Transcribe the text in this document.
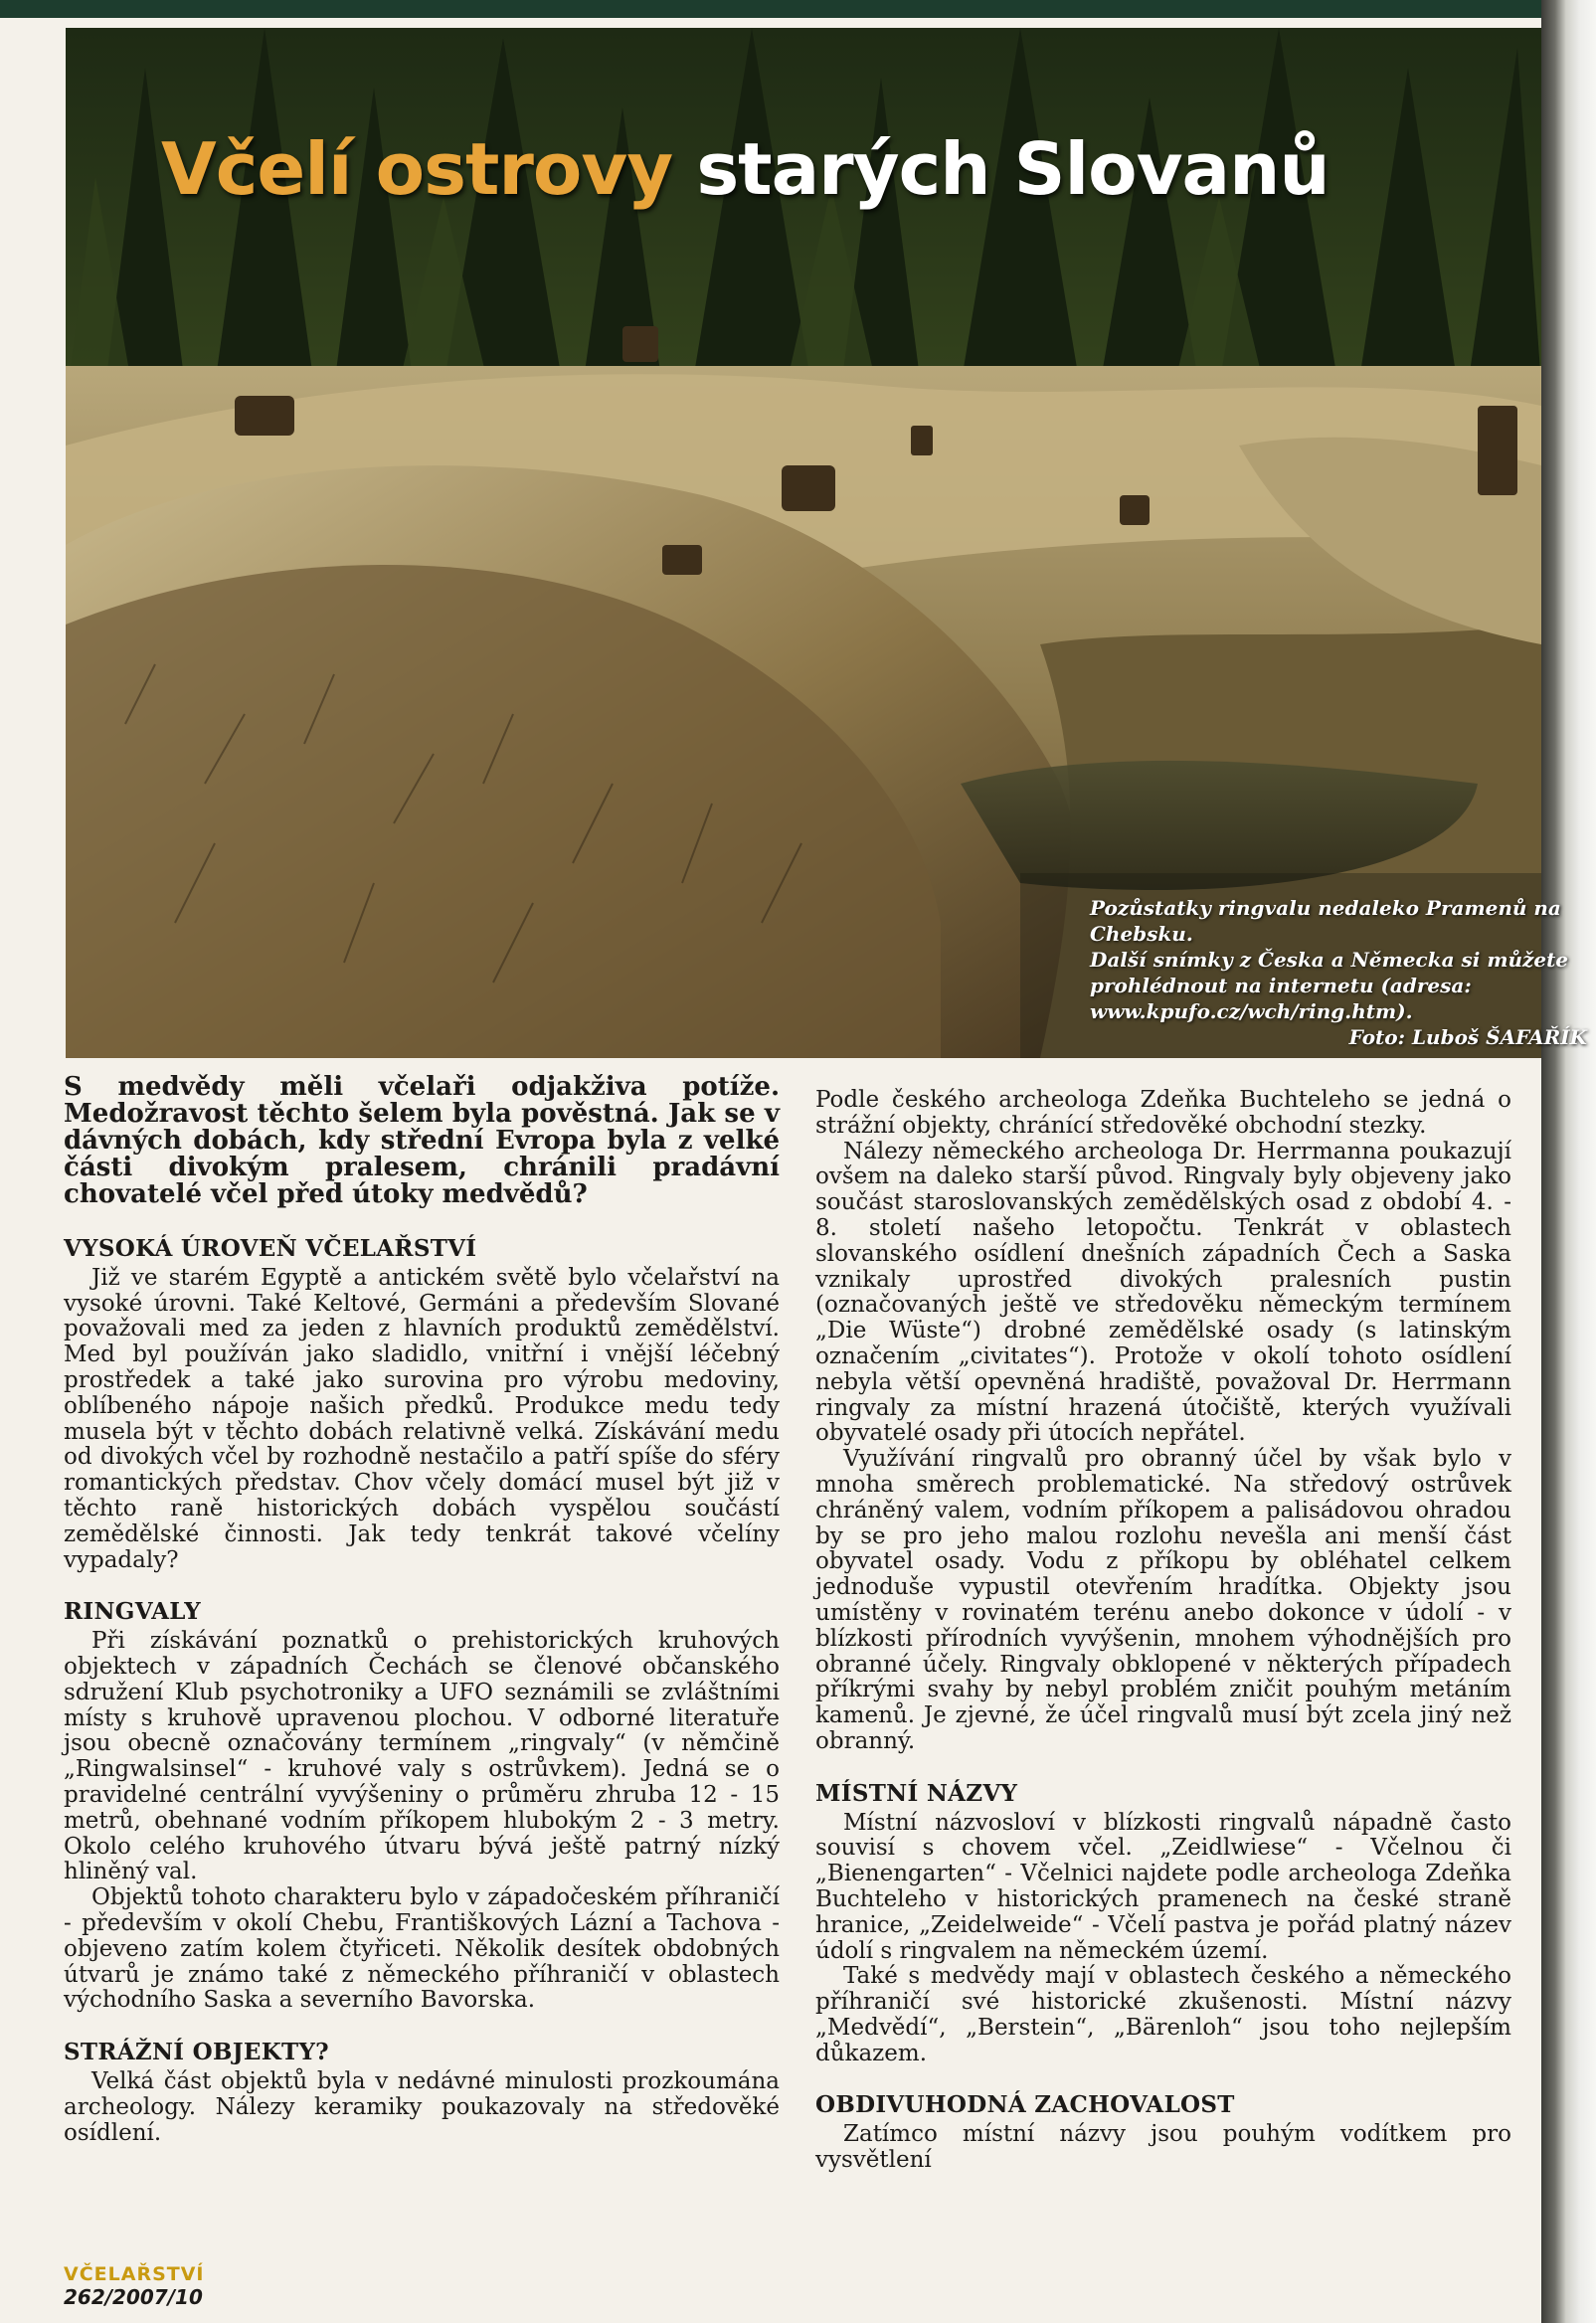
Včelí ostrovy starých Slovanů

Pozůstatky ringvalu nedaleko Pramenů na Chebsku.
Další snímky z Česka a Německa si můžete prohlédnout na internetu (adresa: www.kpufo.cz/wch/ring.htm).
Foto: Luboš ŠAFAŘÍK

S medvědy měli včelaři odjakživa potíže. Medožravost těchto šelem byla pověstná. Jak se v dávných dobách, kdy střední Evropa byla z velké části divokým pralesem, chránili pradávní chovatelé včel před útoky medvědů?

VYSOKÁ ÚROVEŇ VČELAŘSTVÍ

Již ve starém Egyptě a antickém světě bylo včelařství na vysoké úrovni. Také Keltové, Germáni a především Slované považovali med za jeden z hlavních produktů zemědělství. Med byl používán jako sladidlo, vnitřní i vnější léčebný prostředek a také jako surovina pro výrobu medoviny, oblíbeného nápoje našich předků. Produkce medu tedy musela být v těchto dobách relativně velká. Získávání medu od divokých včel by rozhodně nestačilo a patří spíše do sféry romantických představ. Chov včely domácí musel být již v těchto raně historických dobách vyspělou součástí zemědělské činnosti. Jak tedy tenkrát takové včelíny vypadaly?

RINGVALY

Při získávání poznatků o prehistorických kruhových objektech v západních Čechách se členové občanského sdružení Klub psychotroniky a UFO seznámili se zvláštními místy s kruhově upravenou plochou. V odborné literatuře jsou obecně označovány termínem „ringvaly“ (v němčině „Ringwalsinsel“ - kruhové valy s ostrůvkem). Jedná se o pravidelné centrální vyvýšeniny o průměru zhruba 12 - 15 metrů, obehnané vodním příkopem hlubokým 2 - 3 metry. Okolo celého kruhového útvaru bývá ještě patrný nízký hliněný val.

Objektů tohoto charakteru bylo v západočeském příhraničí - především v okolí Chebu, Františkových Lázní a Tachova - objeveno zatím kolem čtyřiceti. Několik desítek obdobných útvarů je známo také z německého příhraničí v oblastech východního Saska a severního Bavorska.

STRÁŽNÍ OBJEKTY?

Velká část objektů byla v nedávné minulosti prozkoumána archeology. Nálezy keramiky poukazovaly na středověké osídlení.

Podle českého archeologa Zdeňka Buchteleho se jedná o strážní objekty, chránící středověké obchodní stezky.

Nálezy německého archeologa Dr. Herrmanna poukazují ovšem na daleko starší původ. Ringvaly byly objeveny jako součást staroslovanských zemědělských osad z období 4. - 8. století našeho letopočtu. Tenkrát v oblastech slovanského osídlení dnešních západních Čech a Saska vznikaly uprostřed divokých pralesních pustin (označovaných ještě ve středověku německým termínem „Die Wüste“) drobné zemědělské osady (s latinským označením „civitates“). Protože v okolí tohoto osídlení nebyla větší opevněná hradiště, považoval Dr. Herrmann ringvaly za místní hrazená útočiště, kterých využívali obyvatelé osady při útocích nepřátel.

Využívání ringvalů pro obranný účel by však bylo v mnoha směrech problematické. Na středový ostrůvek chráněný valem, vodním příkopem a palisádovou ohradou by se pro jeho malou rozlohu nevešla ani menší část obyvatel osady. Vodu z příkopu by obléhatel celkem jednoduše vypustil otevřením hradítka. Objekty jsou umístěny v rovinatém terénu anebo dokonce v údolí - v blízkosti přírodních vyvýšenin, mnohem výhodnějších pro obranné účely. Ringvaly obklopené v některých případech příkrými svahy by nebyl problém zničit pouhým metáním kamenů. Je zjevné, že účel ringvalů musí být zcela jiný než obranný.

MÍSTNÍ NÁZVY

Místní názvosloví v blízkosti ringvalů nápadně často souvisí s chovem včel. „Zeidlwiese“ - Včelnou či „Bienengarten“ - Včelnici najdete podle archeologa Zdeňka Buchteleho v historických pramenech na české straně hranice, „Zeidelweide“ - Včelí pastva je pořád platný název údolí s ringvalem na německém území.

Také s medvědy mají v oblastech českého a německého příhraničí své historické zkušenosti. Místní názvy „Medvědí“, „Berstein“, „Bärenloh“ jsou toho nejlepším důkazem.

OBDIVUHODNÁ ZACHOVALOST

Zatímco místní názvy jsou pouhým vodítkem pro vysvětlení

VČELAŘSTVÍ
262/2007/10
